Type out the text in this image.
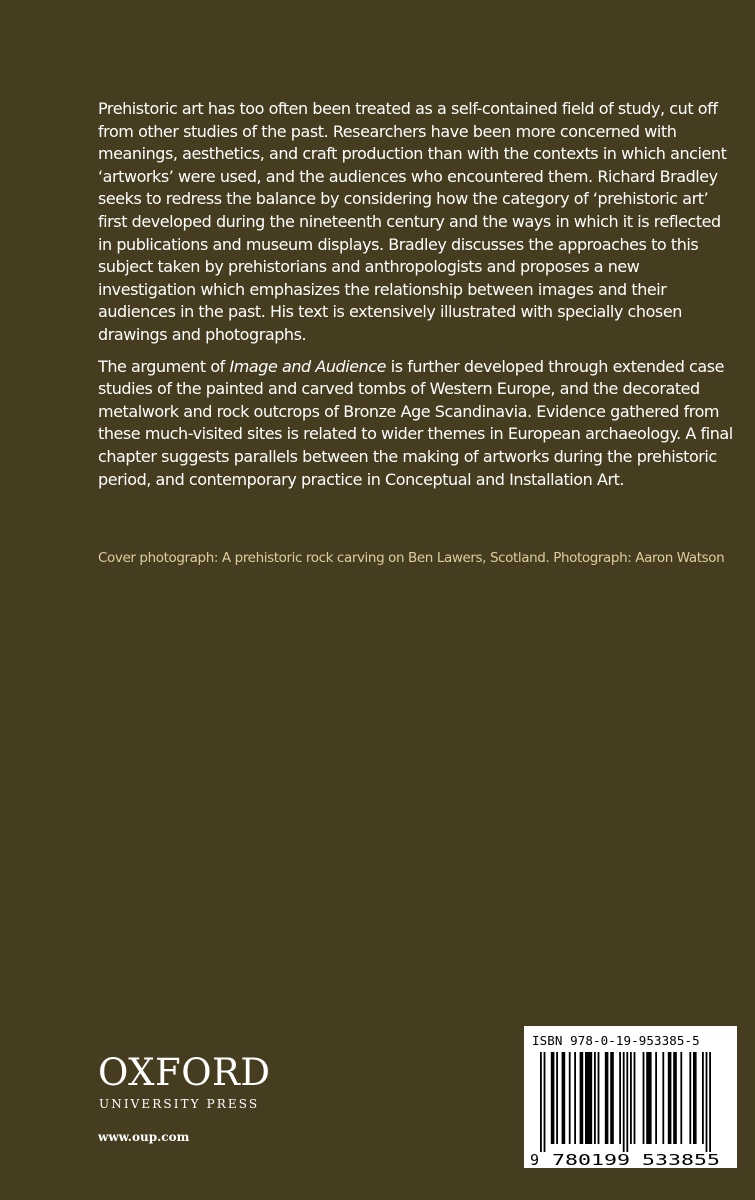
Prehistoric art has too often been treated as a self-contained field of study, cut off from other studies of the past. Researchers have been more concerned with meanings, aesthetics, and craft production than with the contexts in which ancient ‘artworks’ were used, and the audiences who encountered them. Richard Bradley seeks to redress the balance by considering how the category of ‘prehistoric art’ first developed during the nineteenth century and the ways in which it is reflected in publications and museum displays. Bradley discusses the approaches to this subject taken by prehistorians and anthropologists and proposes a new investigation which emphasizes the relationship between images and their audiences in the past. His text is extensively illustrated with specially chosen drawings and photographs.

The argument of Image and Audience is further developed through extended case studies of the painted and carved tombs of Western Europe, and the decorated metalwork and rock outcrops of Bronze Age Scandinavia. Evidence gathered from these much-visited sites is related to wider themes in European archaeology. A final chapter suggests parallels between the making of artworks during the prehistoric period, and contemporary practice in Conceptual and Installation Art.

Cover photograph: A prehistoric rock carving on Ben Lawers, Scotland. Photograph: Aaron Watson
OXFORD
UNIVERSITY PRESS
www.oup.com
ISBN 978-0-19-953385-5
9 780199 533855
